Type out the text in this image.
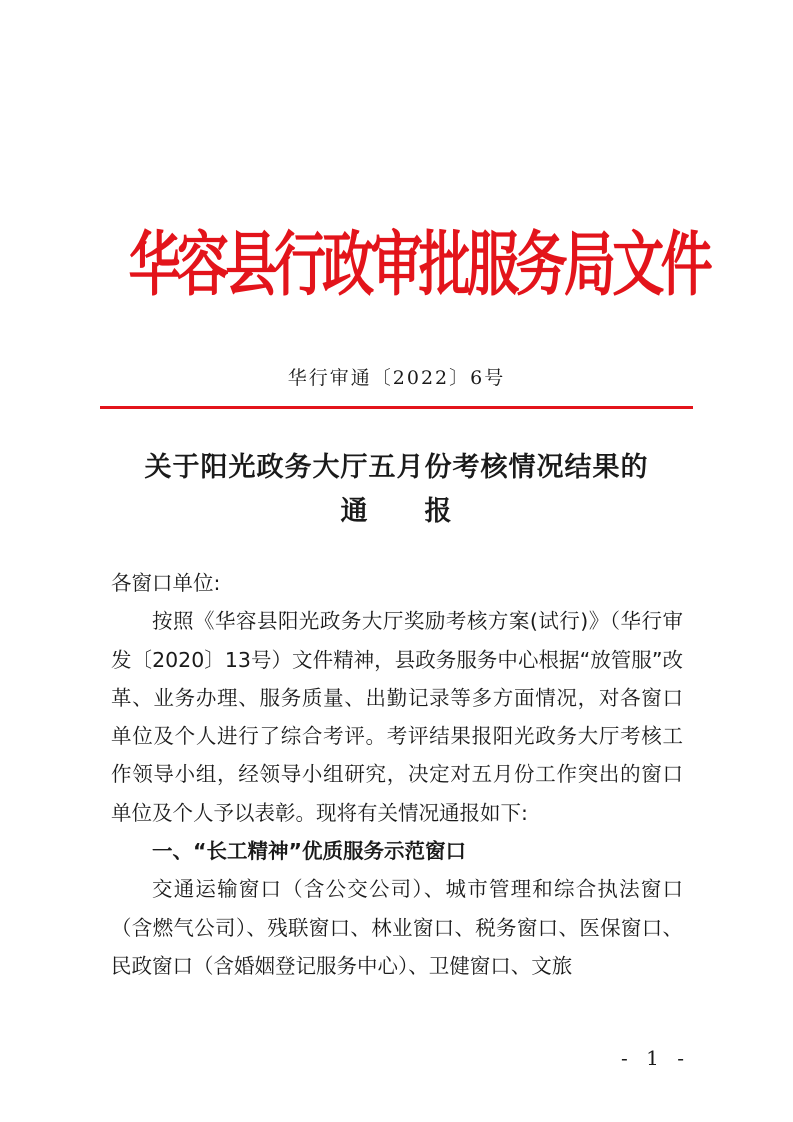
华容县行政审批服务局文件
华行审通〔2022〕6号
关于阳光政务大厅五月份考核情况结果的
通　　报

各窗口单位:

按照《华容县阳光政务大厅奖励考核方案(试行)》（华行审发〔2020〕13号）文件精神，县政务服务中心根据“放管服”改革、业务办理、服务质量、出勤记录等多方面情况，对各窗口单位及个人进行了综合考评。考评结果报阳光政务大厅考核工作领导小组，经领导小组研究，决定对五月份工作突出的窗口单位及个人予以表彰。现将有关情况通报如下:

一、“长工精神”优质服务示范窗口

交通运输窗口（含公交公司）、城市管理和综合执法窗口（含燃气公司）、残联窗口、林业窗口、税务窗口、医保窗口、民政窗口（含婚姻登记服务中心）、卫健窗口、文旅

- 1 -
